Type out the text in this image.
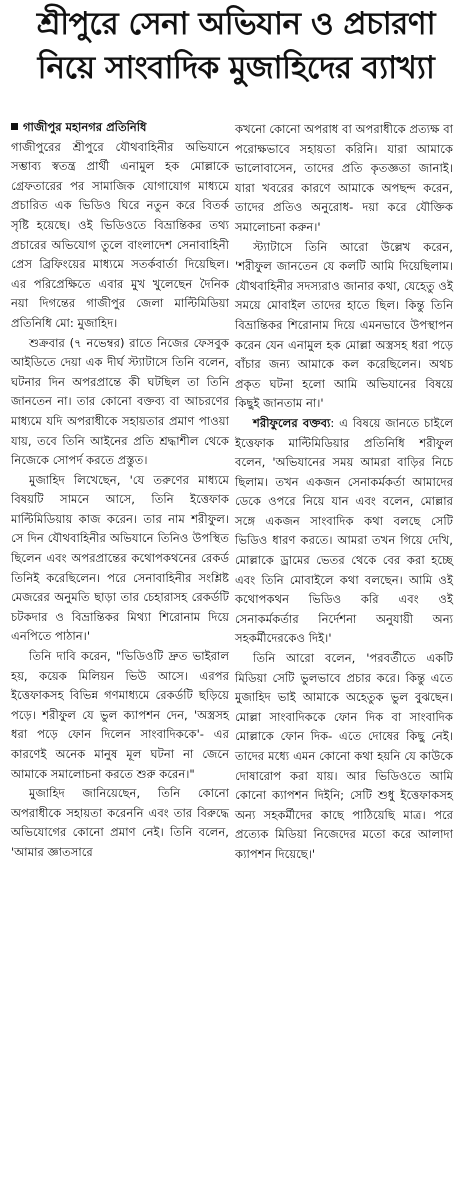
শ্রীপুরে সেনা অভিযান ও প্রচারণা
নিয়ে সাংবাদিক মুজাহিদের ব্যাখ্যা
গাজীপুর মহানগর প্রতিনিধি

গাজীপুরের শ্রীপুরে যৌথবাহিনীর অভিযানে সম্ভাব্য স্বতন্ত্র প্রার্থী এনামুল হক মোল্লাকে গ্রেফতারের পর সামাজিক যোগাযোগ মাধ্যমে প্রচারিত এক ভিডিও ঘিরে নতুন করে বিতর্ক সৃষ্টি হয়েছে। ওই ভিডিওতে বিভ্রান্তিকর তথ্য প্রচারের অভিযোগ তুলে বাংলাদেশ সেনাবাহিনী প্রেস ব্রিফিংয়ের মাধ্যমে সতর্কবার্তা দিয়েছিল। এর পরিপ্রেক্ষিতে এবার মুখ খুলেছেন দৈনিক নয়া দিগন্তের গাজীপুর জেলা মাল্টিমিডিয়া প্রতিনিধি মো: মুজাহিদ।

শুক্রবার (৭ নভেম্বর) রাতে নিজের ফেসবুক আইডিতে দেয়া এক দীর্ঘ স্ট্যাটাসে তিনি বলেন, ঘটনার দিন অপরপ্রান্তে কী ঘটছিল তা তিনি জানতেন না। তার কোনো বক্তব্য বা আচরণের মাধ্যমে যদি অপরাধীকে সহায়তার প্রমাণ পাওয়া যায়, তবে তিনি আইনের প্রতি শ্রদ্ধাশীল থেকে নিজেকে সোপর্দ করতে প্রস্তুত।

মুজাহিদ লিখেছেন, 'যে তরুণের মাধ্যমে বিষয়টি সামনে আসে, তিনি ইত্তেফাক মাল্টিমিডিয়ায় কাজ করেন। তার নাম শরীফুল। সে দিন যৌথবাহিনীর অভিযানে তিনিও উপস্থিত ছিলেন এবং অপরপ্রান্তের কথোপকথনের রেকর্ড তিনিই করেছিলেন। পরে সেনাবাহিনীর সংশ্লিষ্ট মেজরের অনুমতি ছাড়া তার চেহারাসহ রেকর্ডটি চটকদার ও বিভ্রান্তিকর মিথ্যা শিরোনাম দিয়ে এনপিতে পাঠান।'

তিনি দাবি করেন, "ভিডিওটি দ্রুত ভাইরাল হয়, কয়েক মিলিয়ন ভিউ আসে। এরপর ইত্তেফাকসহ বিভিন্ন গণমাধ্যমে রেকর্ডটি ছড়িয়ে পড়ে। শরীফুল যে ভুল ক্যাপশন দেন, 'অস্ত্রসহ ধরা পড়ে ফোন দিলেন সাংবাদিককে'- এর কারণেই অনেক মানুষ মূল ঘটনা না জেনে আমাকে সমালোচনা করতে শুরু করেন।"

মুজাহিদ জানিয়েছেন, তিনি কোনো অপরাধীকে সহায়তা করেননি এবং তার বিরুদ্ধে অভিযোগের কোনো প্রমাণ নেই। তিনি বলেন, 'আমার জ্ঞাতসারে

কখনো কোনো অপরাধ বা অপরাধীকে প্রত্যক্ষ বা পরোক্ষভাবে সহায়তা করিনি। যারা আমাকে ভালোবাসেন, তাদের প্রতি কৃতজ্ঞতা জানাই। যারা খবরের কারণে আমাকে অপছন্দ করেন, তাদের প্রতিও অনুরোধ- দয়া করে যৌক্তিক সমালোচনা করুন।'

স্ট্যাটাসে তিনি আরো উল্লেখ করেন, 'শরীফুল জানতেন যে কলটি আমি দিয়েছিলাম। যৌথবাহিনীর সদস্যরাও জানার কথা, যেহেতু ওই সময়ে মোবাইল তাদের হাতে ছিল। কিন্তু তিনি বিভ্রান্তিকর শিরোনাম দিয়ে এমনভাবে উপস্থাপন করেন যেন এনামুল হক মোল্লা অস্ত্রসহ ধরা পড়ে বাঁচার জন্য আমাকে কল করেছিলেন। অথচ প্রকৃত ঘটনা হলো আমি অভিযানের বিষয়ে কিছুই জানতাম না।'

শরীফুলের বক্তব্য: এ বিষয়ে জানতে চাইলে ইত্তেফাক মাল্টিমিডিয়ার প্রতিনিধি শরীফুল বলেন, 'অভিযানের সময় আমরা বাড়ির নিচে ছিলাম। তখন একজন সেনাকর্মকর্তা আমাদের ডেকে ওপরে নিয়ে যান এবং বলেন, মোল্লার সঙ্গে একজন সাংবাদিক কথা বলছে সেটি ভিডিও ধারণ করতে। আমরা তখন গিয়ে দেখি, মোল্লাকে ড্রামের ভেতর থেকে বের করা হচ্ছে এবং তিনি মোবাইলে কথা বলছেন। আমি ওই কথোপকথন ভিডিও করি এবং ওই সেনাকর্মকর্তার নির্দেশনা অনুযায়ী অন্য সহকর্মীদেরকেও দিই।'

তিনি আরো বলেন, 'পরবর্তীতে একটি মিডিয়া সেটি ভুলভাবে প্রচার করে। কিন্তু এতে মুজাহিদ ভাই আমাকে অহেতুক ভুল বুঝছেন। মোল্লা সাংবাদিককে ফোন দিক বা সাংবাদিক মোল্লাকে ফোন দিক- এতে দোষের কিছু নেই। তাদের মধ্যে এমন কোনো কথা হয়নি যে কাউকে দোষারোপ করা যায়। আর ভিডিওতে আমি কোনো ক্যাপশন দিইনি; সেটি শুধু ইত্তেফাকসহ অন্য সহকর্মীদের কাছে পাঠিয়েছি মাত্র। পরে প্রত্যেক মিডিয়া নিজেদের মতো করে আলাদা ক্যাপশন দিয়েছে।'
